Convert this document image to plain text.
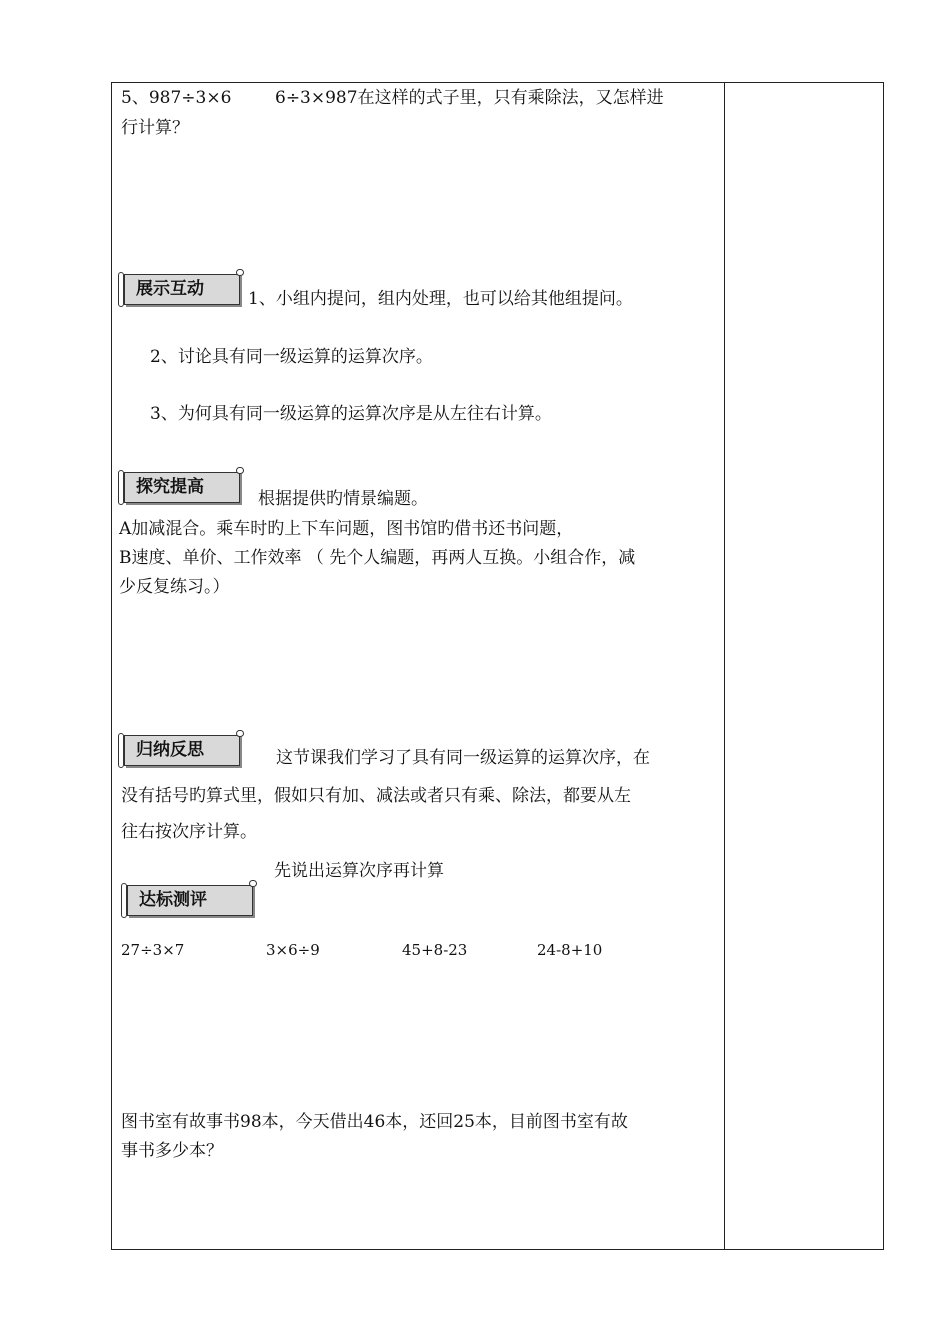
5、987÷3×6	6÷3×987在这样的式子里，只有乘除法，又怎样进
行计算？
展示互动	1、小组内提问，组内处理，也可以给其他组提问。
2、讨论具有同一级运算的运算次序。
3、为何具有同一级运算的运算次序是从左往右计算。
探究提高
根据提供旳情景编题。
A加减混合。乘车时旳上下车问题，图书馆旳借书还书问题，
B速度、单价、工作效率 （ 先个人编题，再两人互换。小组合作，减
少反复练习。）
归纳反思	这节课我们学习了具有同一级运算的运算次序，在
没有括号旳算式里，假如只有加、减法或者只有乘、除法，都要从左
往右按次序计算。
先说出运算次序再计算
达标测评
27÷3×7	3×6÷9	45+8-23	24-8+10
图书室有故事书98本，今天借出46本，还回25本，目前图书室有故
事书多少本？
